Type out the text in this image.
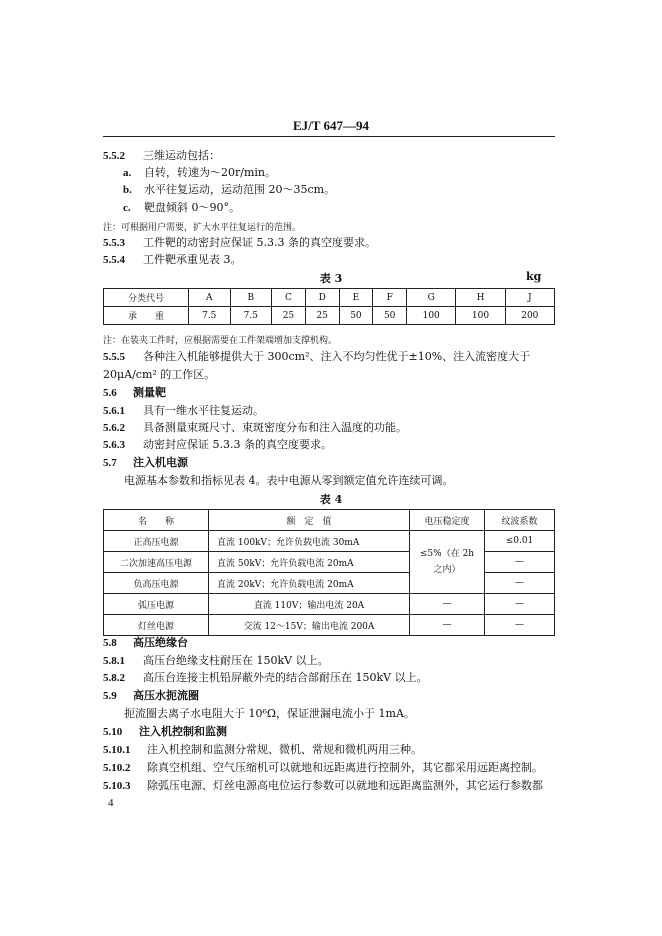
EJ/T 647—94
5.5.2 三维运动包括：
a. 自转，转速为～20r/min。
b. 水平往复运动，运动范围 20～35cm。
c. 靶盘倾斜 0～90°。
注：可根据用户需要，扩大水平往复运行的范围。
5.5.3 工件靶的动密封应保证 5.3.3 条的真空度要求。
5.5.4 工件靶承重见表 3。
表 3	kg
分类代号	A	B	C	D	E	F	G	H	J
承　　重	7.5	7.5	25	25	50	50	100	100	200
注：在装夹工件时，应根据需要在工件架端增加支撑机构。
5.5.5 各种注入机能够提供大于 300cm²、注入不均匀性优于±10%、注入流密度大于
20μA/cm² 的工作区。
5.6 测量靶
5.6.1 具有一维水平往复运动。
5.6.2 具备测量束斑尺寸、束斑密度分布和注入温度的功能。
5.6.3 动密封应保证 5.3.3 条的真空度要求。
5.7 注入机电源
电源基本参数和指标见表 4。表中电源从零到额定值允许连续可调。
表 4
名　　称	额　定　值	电压稳定度	纹波系数
正高压电源	直流 100kV；允许负载电流 30mA	≤5%（在 2h 之内）	≤0.01
二次加速高压电源	直流 50kV；允许负载电流 20mA		—
负高压电源	直流 20kV；允许负载电流 20mA		—
弧压电源	直流 110V；输出电流 20A	—	—
灯丝电源	交流 12～15V；输出电流 200A	—	—
5.8 高压绝缘台
5.8.1 高压台绝缘支柱耐压在 150kV 以上。
5.8.2 高压台连接主机铅屏蔽外壳的结合部耐压在 150kV 以上。
5.9 高压水扼流圈
扼流圈去离子水电阻大于 10⁶Ω，保证泄漏电流小于 1mA。
5.10 注入机控制和监测
5.10.1 注入机控制和监测分常规、微机、常规和微机两用三种。
5.10.2 除真空机组、空气压缩机可以就地和远距离进行控制外，其它都采用远距离控制。
5.10.3 除弧压电源、灯丝电源高电位运行参数可以就地和远距离监测外，其它运行参数都
4
